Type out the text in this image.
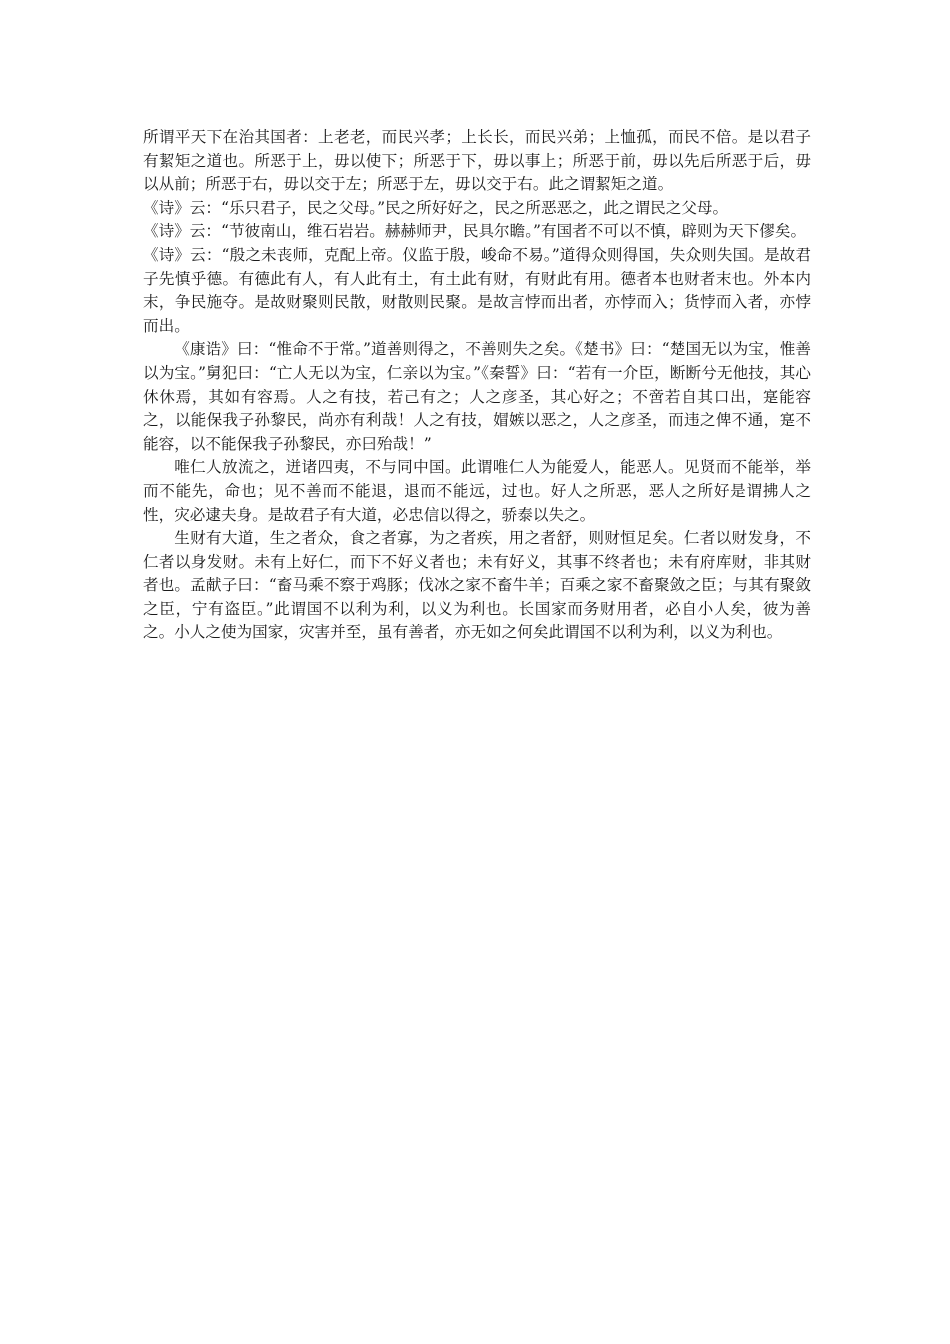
所谓平天下在治其国者：上老老，而民兴孝；上长长，而民兴弟；上恤孤，而民不倍。是以君子有絜矩之道也。所恶于上，毋以使下；所恶于下，毋以事上；所恶于前，毋以先后所恶于后，毋以从前；所恶于右，毋以交于左；所恶于左，毋以交于右。此之谓絜矩之道。

《诗》云：“乐只君子，民之父母。”民之所好好之，民之所恶恶之，此之谓民之父母。

《诗》云：“节彼南山，维石岩岩。赫赫师尹，民具尔瞻。”有国者不可以不慎，辟则为天下僇矣。

《诗》云：“殷之未丧师，克配上帝。仪监于殷，峻命不易。”道得众则得国，失众则失国。是故君子先慎乎德。有德此有人，有人此有土，有土此有财，有财此有用。德者本也财者末也。外本内末，争民施夺。是故财聚则民散，财散则民聚。是故言悖而出者，亦悖而入；货悖而入者，亦悖而出。

《康诰》曰：“惟命不于常。”道善则得之，不善则失之矣。《楚书》曰：“楚国无以为宝，惟善以为宝。”舅犯曰：“亡人无以为宝，仁亲以为宝。”《秦誓》曰：“若有一介臣，断断兮无他技，其心休休焉，其如有容焉。人之有技，若己有之；人之彦圣，其心好之；不啻若自其口出，寔能容之，以能保我子孙黎民，尚亦有利哉！人之有技，媢嫉以恶之，人之彦圣，而违之俾不通，寔不能容，以不能保我子孙黎民，亦曰殆哉！”

唯仁人放流之，迸诸四夷，不与同中国。此谓唯仁人为能爱人，能恶人。见贤而不能举，举而不能先，命也；见不善而不能退，退而不能远，过也。好人之所恶，恶人之所好是谓拂人之性，灾必逮夫身。是故君子有大道，必忠信以得之，骄泰以失之。

生财有大道，生之者众，食之者寡，为之者疾，用之者舒，则财恒足矣。仁者以财发身，不仁者以身发财。未有上好仁，而下不好义者也；未有好义，其事不终者也；未有府库财，非其财者也。孟献子曰：“畜马乘不察于鸡豚；伐冰之家不畜牛羊；百乘之家不畜聚敛之臣；与其有聚敛之臣，宁有盗臣。”此谓国不以利为利，以义为利也。长国家而务财用者，必自小人矣，彼为善之。小人之使为国家，灾害并至，虽有善者，亦无如之何矣此谓国不以利为利，以义为利也。
